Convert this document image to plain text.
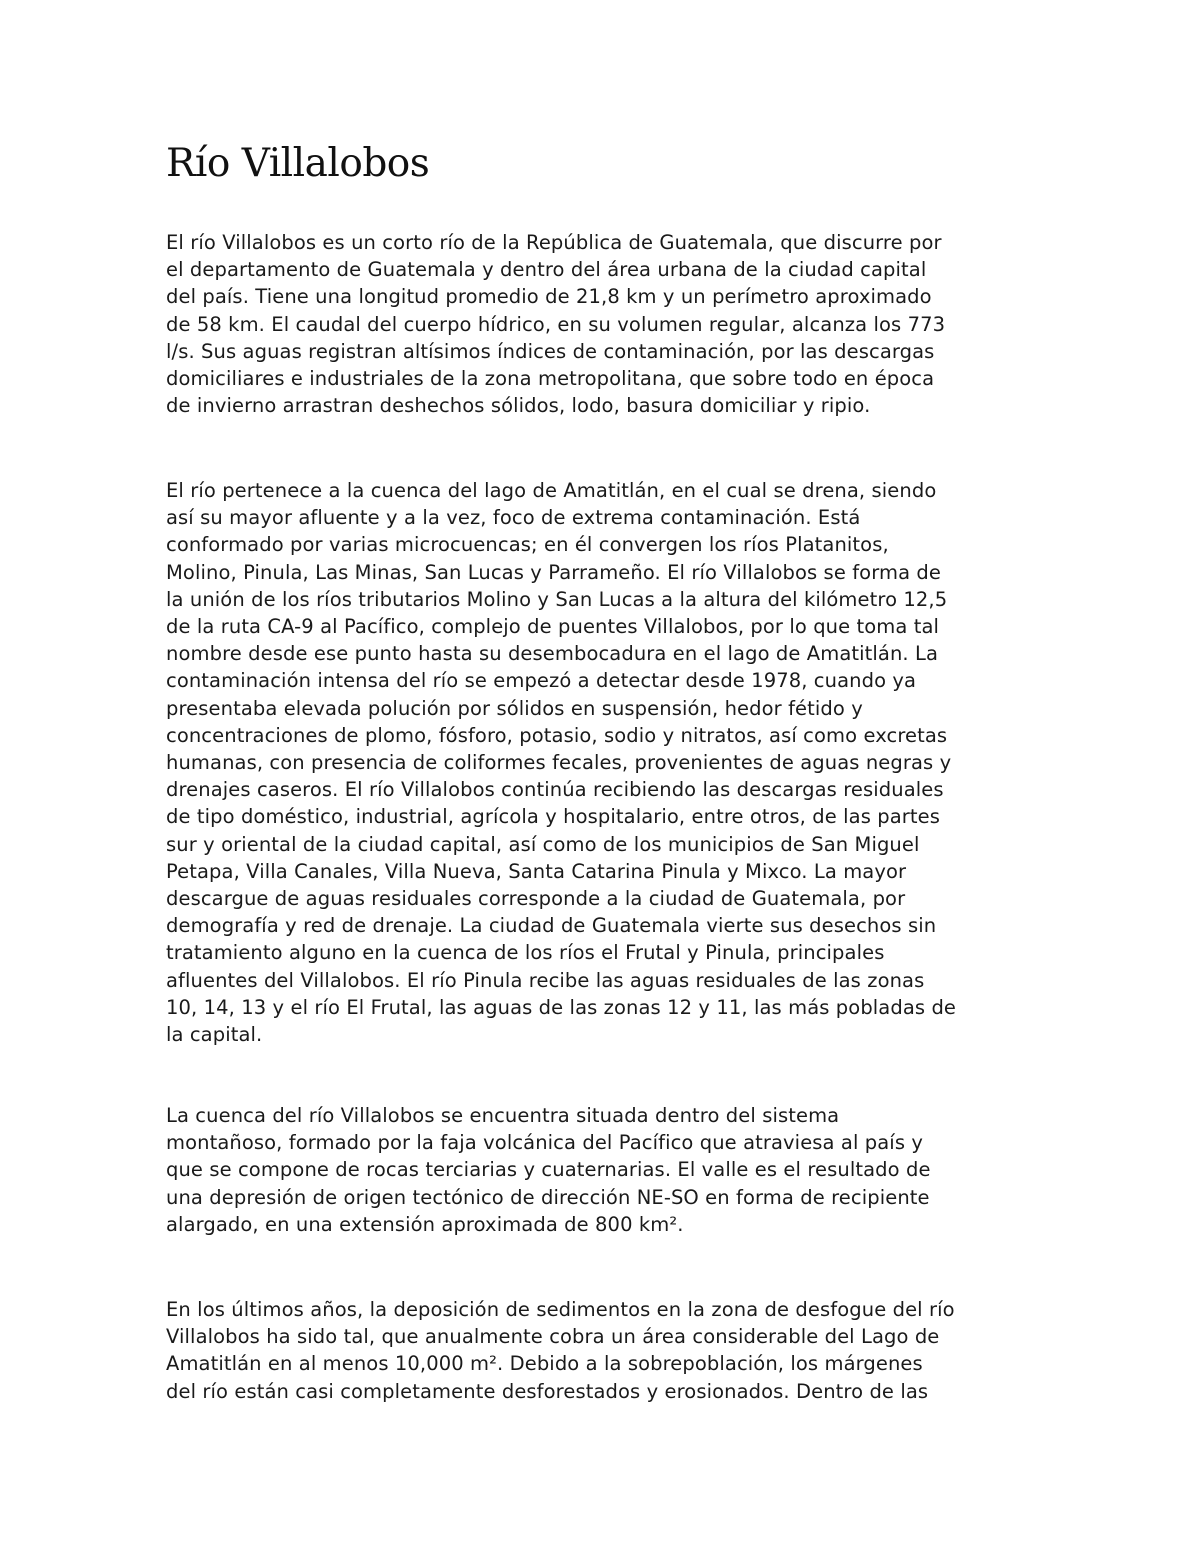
Río Villalobos
El río Villalobos es un corto río de la República de Guatemala, que discurre por
el departamento de Guatemala y dentro del área urbana de la ciudad capital
del país. Tiene una longitud promedio de 21,8 km y un perímetro aproximado
de 58 km. El caudal del cuerpo hídrico, en su volumen regular, alcanza los 773
l/s. Sus aguas registran altísimos índices de contaminación, por las descargas
domiciliares e industriales de la zona metropolitana, que sobre todo en época
de invierno arrastran deshechos sólidos, lodo, basura domiciliar y ripio.
El río pertenece a la cuenca del lago de Amatitlán, en el cual se drena, siendo
así su mayor afluente y a la vez, foco de extrema contaminación. Está
conformado por varias microcuencas; en él convergen los ríos Platanitos,
Molino, Pinula, Las Minas, San Lucas y Parrameño. El río Villalobos se forma de
la unión de los ríos tributarios Molino y San Lucas a la altura del kilómetro 12,5
de la ruta CA-9 al Pacífico, complejo de puentes Villalobos, por lo que toma tal
nombre desde ese punto hasta su desembocadura en el lago de Amatitlán. La
contaminación intensa del río se empezó a detectar desde 1978, cuando ya
presentaba elevada polución por sólidos en suspensión, hedor fétido y
concentraciones de plomo, fósforo, potasio, sodio y nitratos, así como excretas
humanas, con presencia de coliformes fecales, provenientes de aguas negras y
drenajes caseros. El río Villalobos continúa recibiendo las descargas residuales
de tipo doméstico, industrial, agrícola y hospitalario, entre otros, de las partes
sur y oriental de la ciudad capital, así como de los municipios de San Miguel
Petapa, Villa Canales, Villa Nueva, Santa Catarina Pinula y Mixco. La mayor
descargue de aguas residuales corresponde a la ciudad de Guatemala, por
demografía y red de drenaje. La ciudad de Guatemala vierte sus desechos sin
tratamiento alguno en la cuenca de los ríos el Frutal y Pinula, principales
afluentes del Villalobos. El río Pinula recibe las aguas residuales de las zonas
10, 14, 13 y el río El Frutal, las aguas de las zonas 12 y 11, las más pobladas de
la capital.
La cuenca del río Villalobos se encuentra situada dentro del sistema
montañoso, formado por la faja volcánica del Pacífico que atraviesa al país y
que se compone de rocas terciarias y cuaternarias. El valle es el resultado de
una depresión de origen tectónico de dirección NE-SO en forma de recipiente
alargado, en una extensión aproximada de 800 km².
En los últimos años, la deposición de sedimentos en la zona de desfogue del río
Villalobos ha sido tal, que anualmente cobra un área considerable del Lago de
Amatitlán en al menos 10,000 m². Debido a la sobrepoblación, los márgenes
del río están casi completamente desforestados y erosionados. Dentro de las
